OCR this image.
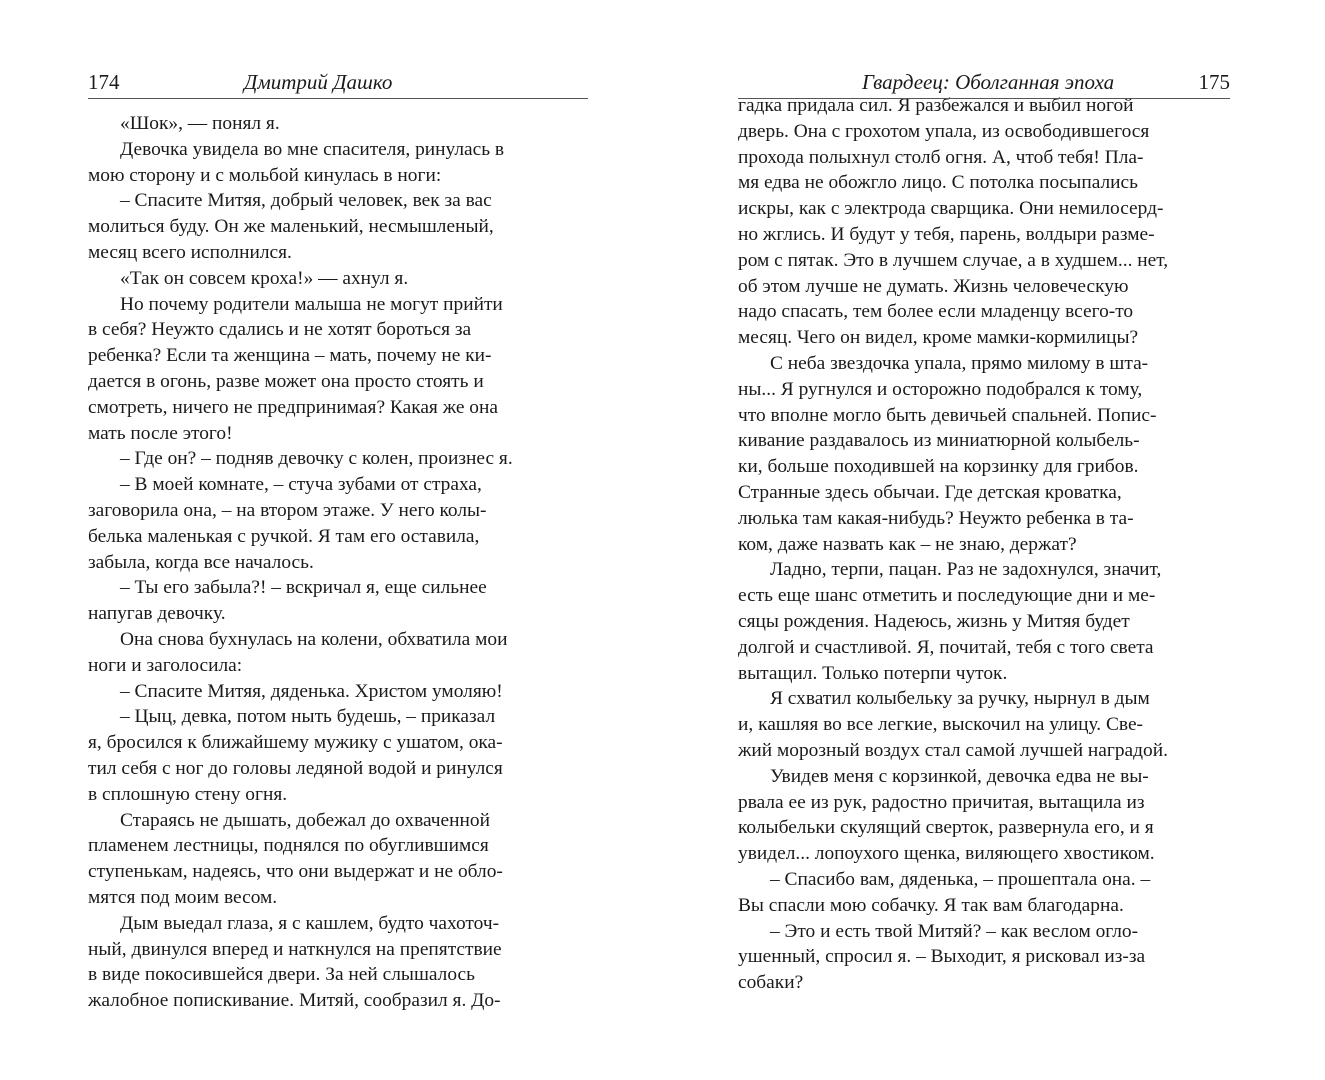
174	Дмитрий Дашко

«Шок», — понял я.

Девочка увидела во мне спасителя, ринулась в
мою сторону и с мольбой кинулась в ноги:

– Спасите Митяя, добрый человек, век за вас
молиться буду. Он же маленький, несмышленый,
месяц всего исполнился.

«Так он совсем кроха!» — ахнул я.

Но почему родители малыша не могут прийти
в себя? Неужто сдались и не хотят бороться за
ребенка? Если та женщина – мать, почему не ки-
дается в огонь, разве может она просто стоять и
смотреть, ничего не предпринимая? Какая же она
мать после этого!

– Где он? – подняв девочку с колен, произнес я.

– В моей комнате, – стуча зубами от страха,
заговорила она, – на втором этаже. У него колы-
белька маленькая с ручкой. Я там его оставила,
забыла, когда все началось.

– Ты его забыла?! – вскричал я, еще сильнее
напугав девочку.

Она снова бухнулась на колени, обхватила мои
ноги и заголосила:

– Спасите Митяя, дяденька. Христом умоляю!

– Цыц, девка, потом ныть будешь, – приказал
я, бросился к ближайшему мужику с ушатом, ока-
тил себя с ног до головы ледяной водой и ринулся
в сплошную стену огня.

Стараясь не дышать, добежал до охваченной
пламенем лестницы, поднялся по обуглившимся
ступенькам, надеясь, что они выдержат и не обло-
мятся под моим весом.

Дым выедал глаза, я с кашлем, будто чахоточ-
ный, двинулся вперед и наткнулся на препятствие
в виде покосившейся двери. За ней слышалось
жалобное попискивание. Митяй, сообразил я. До-

Гвардеец: Оболганная эпоха	175

гадка придала сил. Я разбежался и выбил ногой
дверь. Она с грохотом упала, из освободившегося
прохода полыхнул столб огня. А, чтоб тебя! Пла-
мя едва не обожгло лицо. С потолка посыпались
искры, как с электрода сварщика. Они немилосерд-
но жглись. И будут у тебя, парень, волдыри разме-
ром с пятак. Это в лучшем случае, а в худшем... нет,
об этом лучше не думать. Жизнь человеческую
надо спасать, тем более если младенцу всего-то
месяц. Чего он видел, кроме мамки-кормилицы?

С неба звездочка упала, прямо милому в шта-
ны... Я ругнулся и осторожно подобрался к тому,
что вполне могло быть девичьей спальней. Попис-
кивание раздавалось из миниатюрной колыбель-
ки, больше походившей на корзинку для грибов.
Странные здесь обычаи. Где детская кроватка,
люлька там какая-нибудь? Неужто ребенка в та-
ком, даже назвать как – не знаю, держат?

Ладно, терпи, пацан. Раз не задохнулся, значит,
есть еще шанс отметить и последующие дни и ме-
сяцы рождения. Надеюсь, жизнь у Митяя будет
долгой и счастливой. Я, почитай, тебя с того света
вытащил. Только потерпи чуток.

Я схватил колыбельку за ручку, нырнул в дым
и, кашляя во все легкие, выскочил на улицу. Све-
жий морозный воздух стал самой лучшей наградой.

Увидев меня с корзинкой, девочка едва не вы-
рвала ее из рук, радостно причитая, вытащила из
колыбельки скулящий сверток, развернула его, и я
увидел... лопоухого щенка, виляющего хвостиком.

– Спасибо вам, дяденька, – прошептала она. –
Вы спасли мою собачку. Я так вам благодарна.

– Это и есть твой Митяй? – как веслом огло-
ушенный, спросил я. – Выходит, я рисковал из-за
собаки?
